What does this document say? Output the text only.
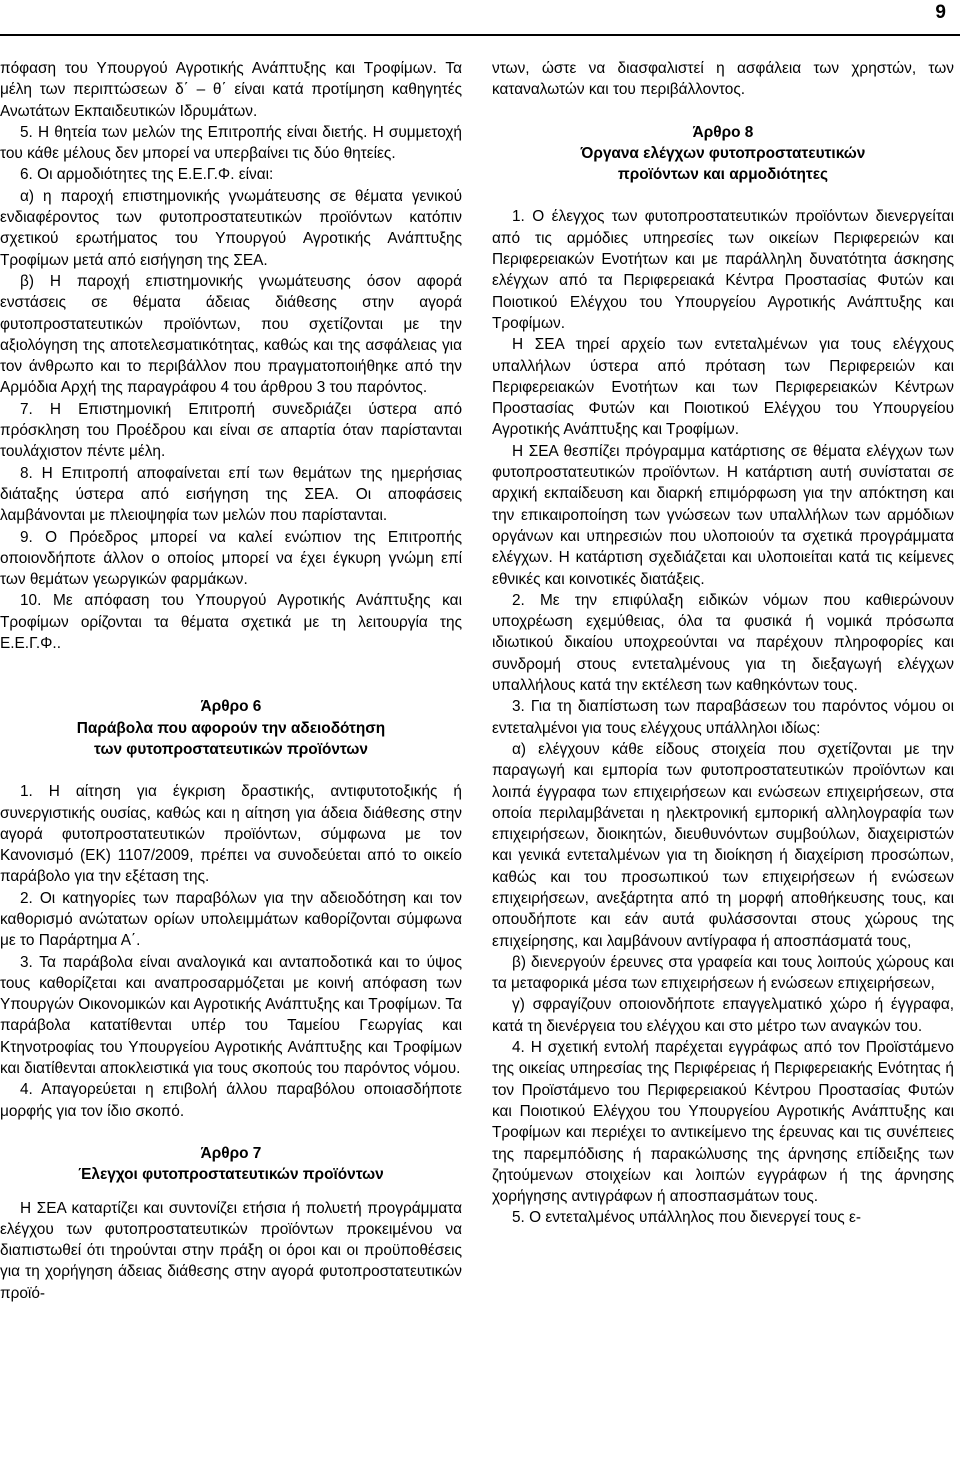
9

πόφαση του Υπουργού Αγροτικής Ανάπτυξης και Τροφίμων. Τα μέλη των περιπτώσεων δ΄ – θ΄ είναι κατά προτίμηση καθηγητές Ανωτάτων Εκπαιδευτικών Ιδρυμάτων.

5. Η θητεία των μελών της Επιτροπής είναι διετής. Η συμμετοχή του κάθε μέλους δεν μπορεί να υπερβαίνει τις δύο θητείες.

6. Οι αρμοδιότητες της Ε.Ε.Γ.Φ. είναι:

α) η παροχή επιστημονικής γνωμάτευσης σε θέματα γενικού ενδιαφέροντος των φυτοπροστατευτικών προϊόντων κατόπιν σχετικού ερωτήματος του Υπουργού Αγροτικής Ανάπτυξης Τροφίμων μετά από εισήγηση της ΣΕΑ.

β) Η παροχή επιστημονικής γνωμάτευσης όσον αφορά ενστάσεις σε θέματα άδειας διάθεσης στην αγορά φυτοπροστατευτικών προϊόντων, που σχετίζονται με την αξιολόγηση της αποτελεσματικότητας, καθώς και της ασφάλειας για τον άνθρωπο και το περιβάλλον που πραγματοποιήθηκε από την Αρμόδια Αρχή της παραγράφου 4 του άρθρου 3 του παρόντος.

7. Η Επιστημονική Επιτροπή συνεδριάζει ύστερα από πρόσκληση του Προέδρου και είναι σε απαρτία όταν παρίστανται τουλάχιστον πέντε μέλη.

8. Η Επιτροπή αποφαίνεται επί των θεμάτων της ημερήσιας διάταξης ύστερα από εισήγηση της ΣΕΑ. Οι αποφάσεις λαμβάνονται με πλειοψηφία των μελών που παρίστανται.

9. Ο Πρόεδρος μπορεί να καλεί ενώπιον της Επιτροπής οποιονδήποτε άλλον ο οποίος μπορεί να έχει έγκυρη γνώμη επί των θεμάτων γεωργικών φαρμάκων.

10. Με απόφαση του Υπουργού Αγροτικής Ανάπτυξης και Τροφίμων ορίζονται τα θέματα σχετικά με τη λειτουργία της Ε.Ε.Γ.Φ..

Άρθρο 6
Παράβολα που αφορούν την αδειοδότηση
των φυτοπροστατευτικών προϊόντων

1. Η αίτηση για έγκριση δραστικής, αντιφυτοτοξικής ή συνεργιστικής ουσίας, καθώς και η αίτηση για άδεια διάθεσης στην αγορά φυτοπροστατευτικών προϊόντων, σύμφωνα με τον Κανονισμό (ΕΚ) 1107/2009, πρέπει να συνοδεύεται από το οικείο παράβολο για την εξέταση της.

2. Οι κατηγορίες των παραβόλων για την αδειοδότηση και τον καθορισμό ανώτατων ορίων υπολειμμάτων καθορίζονται σύμφωνα με το Παράρτημα Α΄.

3. Τα παράβολα είναι αναλογικά και ανταποδοτικά και το ύψος τους καθορίζεται και αναπροσαρμόζεται με κοινή απόφαση των Υπουργών Οικονομικών και Αγροτικής Ανάπτυξης και Τροφίμων. Τα παράβολα κατατίθενται υπέρ του Ταμείου Γεωργίας και Κτηνοτροφίας του Υπουργείου Αγροτικής Ανάπτυξης και Τροφίμων και διατίθενται αποκλειστικά για τους σκοπούς του παρόντος νόμου.

4. Απαγορεύεται η επιβολή άλλου παραβόλου οποιασδήποτε μορφής για τον ίδιο σκοπό.

Άρθρο 7
Έλεγχοι φυτοπροστατευτικών προϊόντων

Η ΣΕΑ καταρτίζει και συντονίζει ετήσια ή πολυετή προγράμματα ελέγχου των φυτοπροστατευτικών προϊόντων προκειμένου να διαπιστωθεί ότι τηρούνται στην πράξη οι όροι και οι προϋποθέσεις για τη χορήγηση άδειας διάθεσης στην αγορά φυτοπροστατευτικών προϊό-

ντων, ώστε να διασφαλιστεί η ασφάλεια των χρηστών, των καταναλωτών και του περιβάλλοντος.

Άρθρο 8
Όργανα ελέγχων φυτοπροστατευτικών
προϊόντων και αρμοδιότητες

1. Ο έλεγχος των φυτοπροστατευτικών προϊόντων διενεργείται από τις αρμόδιες υπηρεσίες των οικείων Περιφερειών και Περιφερειακών Ενοτήτων και με παράλληλη δυνατότητα άσκησης ελέγχων από τα Περιφερειακά Κέντρα Προστασίας Φυτών και Ποιοτικού Ελέγχου του Υπουργείου Αγροτικής Ανάπτυξης και Τροφίμων.

Η ΣΕΑ τηρεί αρχείο των εντεταλμένων για τους ελέγχους υπαλλήλων ύστερα από πρόταση των Περιφερειών και Περιφερειακών Ενοτήτων και των Περιφερειακών Κέντρων Προστασίας Φυτών και Ποιοτικού Ελέγχου του Υπουργείου Αγροτικής Ανάπτυξης και Τροφίμων.

Η ΣΕΑ θεσπίζει πρόγραμμα κατάρτισης σε θέματα ελέγχων των φυτοπροστατευτικών προϊόντων. Η κατάρτιση αυτή συνίσταται σε αρχική εκπαίδευση και διαρκή επιμόρφωση για την απόκτηση και την επικαιροποίηση των γνώσεων των υπαλλήλων των αρμόδιων οργάνων και υπηρεσιών που υλοποιούν τα σχετικά προγράμματα ελέγχων. Η κατάρτιση σχεδιάζεται και υλοποιείται κατά τις κείμενες εθνικές και κοινοτικές διατάξεις.

2. Με την επιφύλαξη ειδικών νόμων που καθιερώνουν υποχρέωση εχεμύθειας, όλα τα φυσικά ή νομικά πρόσωπα ιδιωτικού δικαίου υποχρεούνται να παρέχουν πληροφορίες και συνδρομή στους εντεταλμένους για τη διεξαγωγή ελέγχων υπαλλήλους κατά την εκτέλεση των καθηκόντων τους.

3. Για τη διαπίστωση των παραβάσεων του παρόντος νόμου οι εντεταλμένοι για τους ελέγχους υπάλληλοι ιδίως:

α) ελέγχουν κάθε είδους στοιχεία που σχετίζονται με την παραγωγή και εμπορία των φυτοπροστατευτικών προϊόντων και λοιπά έγγραφα των επιχειρήσεων και ενώσεων επιχειρήσεων, στα οποία περιλαμβάνεται η ηλεκτρονική εμπορική αλληλογραφία των επιχειρήσεων, διοικητών, διευθυνόντων συμβούλων, διαχειριστών και γενικά εντεταλμένων για τη διοίκηση ή διαχείριση προσώπων, καθώς και του προσωπικού των επιχειρήσεων ή ενώσεων επιχειρήσεων, ανεξάρτητα από τη μορφή αποθήκευσης τους, και οπουδήποτε και εάν αυτά φυλάσσονται στους χώρους της επιχείρησης, και λαμβάνουν αντίγραφα ή αποσπάσματά τους,

β) διενεργούν έρευνες στα γραφεία και τους λοιπούς χώρους και τα μεταφορικά μέσα των επιχειρήσεων ή ενώσεων επιχειρήσεων,

γ) σφραγίζουν οποιονδήποτε επαγγελματικό χώρο ή έγγραφα, κατά τη διενέργεια του ελέγχου και στο μέτρο των αναγκών του.

4. Η σχετική εντολή παρέχεται εγγράφως από τον Προϊστάμενο της οικείας υπηρεσίας της Περιφέρειας ή Περιφερειακής Ενότητας ή τον Προϊστάμενο του Περιφερειακού Κέντρου Προστασίας Φυτών και Ποιοτικού Ελέγχου του Υπουργείου Αγροτικής Ανάπτυξης και Τροφίμων και περιέχει το αντικείμενο της έρευνας και τις συνέπειες της παρεμπόδισης ή παρακώλυσης της άρνησης επίδειξης των ζητούμενων στοιχείων και λοιπών εγγράφων ή της άρνησης χορήγησης αντιγράφων ή αποσπασμάτων τους.

5. Ο εντεταλμένος υπάλληλος που διενεργεί τους ε-
